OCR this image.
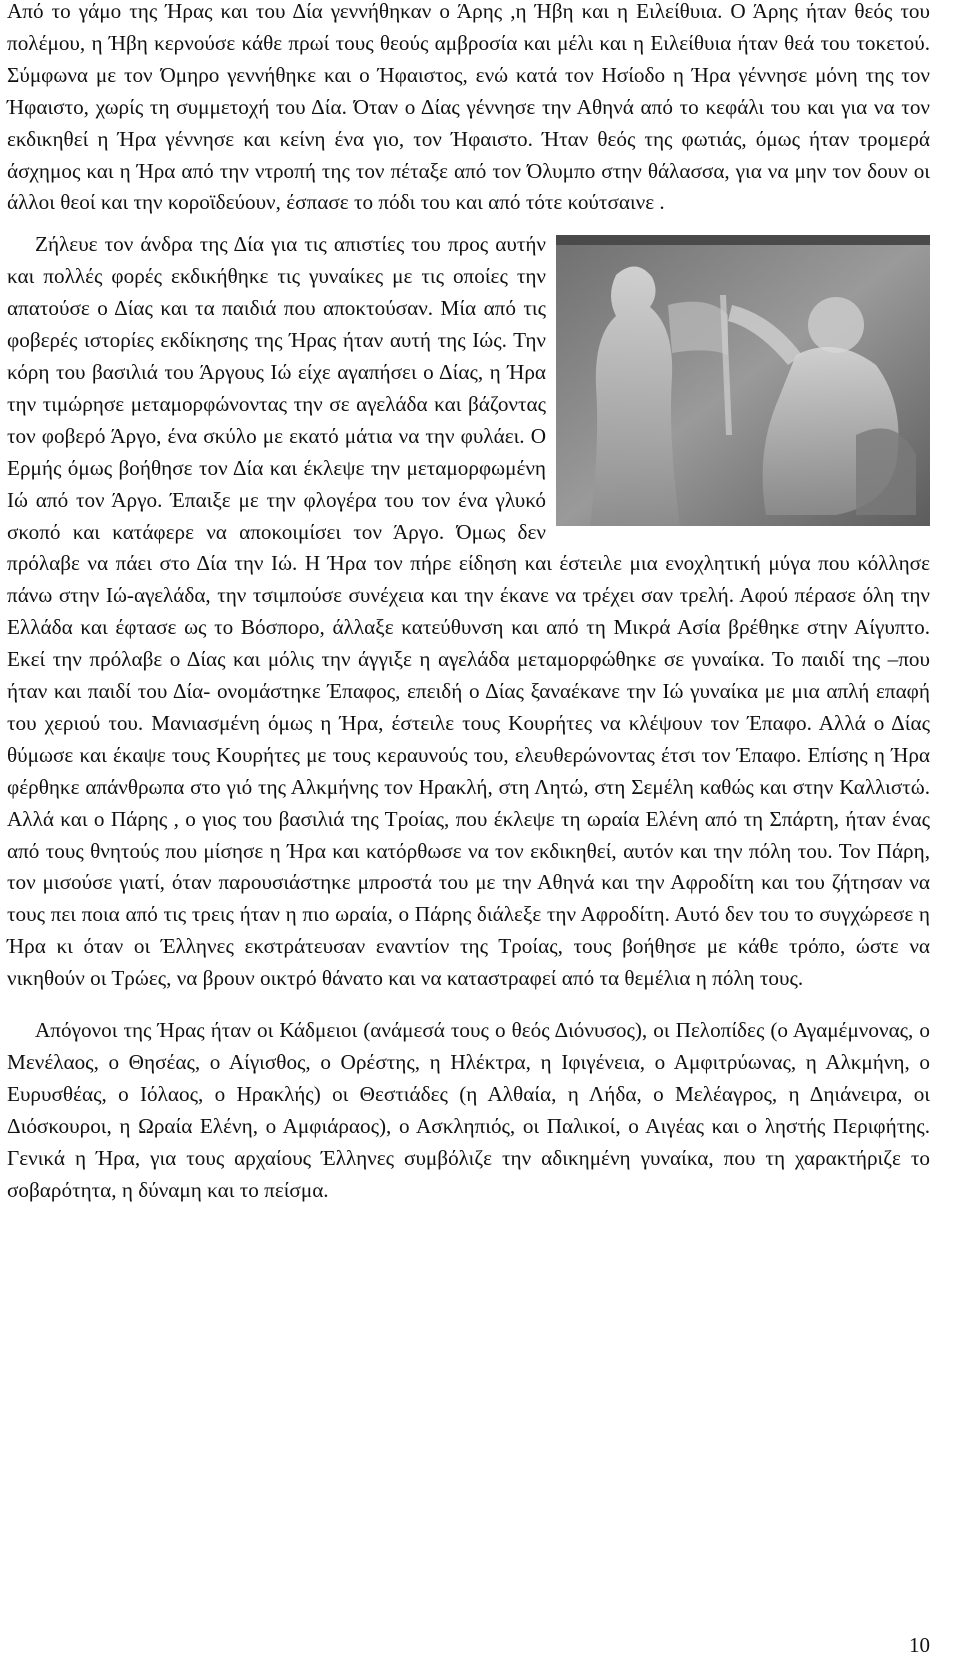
Από το γάμο της Ήρας και του Δία γεννήθηκαν ο Άρης ,η Ήβη και η Ειλείθυια. Ο Άρης ήταν θεός του πολέμου, η Ήβη κερνούσε κάθε πρωί τους θεούς αμβροσία και μέλι και η Ειλείθυια ήταν θεά του τοκετού. Σύμφωνα με τον Όμηρο γεννήθηκε και ο Ήφαιστος, ενώ κατά τον Ησίοδο η Ήρα γέννησε μόνη της τον Ήφαιστο, χωρίς τη συμμετοχή του Δία. Όταν ο Δίας γέννησε την Αθηνά από το κεφάλι του και για να τον εκδικηθεί η Ήρα γέννησε και κείνη ένα γιο, τον Ήφαιστο. Ήταν θεός της φωτιάς, όμως ήταν τρομερά άσχημος και η Ήρα από την ντροπή της τον πέταξε από τον Όλυμπο στην θάλασσα, για να μην τον δουν οι άλλοι θεοί και την κοροϊδεύουν, έσπασε το πόδι του και από τότε κούτσαινε .

Ζήλευε τον άνδρα της Δία για τις απιστίες του προς αυτήν και πολλές φορές εκδικήθηκε τις γυναίκες με τις οποίες την απατούσε ο Δίας και τα παιδιά που αποκτούσαν. Μία από τις φοβερές ιστορίες εκδίκησης της Ήρας ήταν αυτή της Ιώς. Την κόρη του βασιλιά του Άργους Ιώ είχε αγαπήσει ο Δίας, η Ήρα την τιμώρησε μεταμορφώνοντας την σε αγελάδα και βάζοντας τον φοβερό Άργο, ένα σκύλο με εκατό μάτια να την φυλάει. Ο Ερμής όμως βοήθησε τον Δία και έκλεψε την μεταμορφωμένη Ιώ από τον Άργο. Έπαιξε με την φλογέρα του τον ένα γλυκό σκοπό και κατάφερε να αποκοιμίσει τον Άργο. Όμως δεν πρόλαβε να πάει στο Δία την Ιώ. Η Ήρα τον πήρε είδηση και έστειλε μια ενοχλητική μύγα που κόλλησε πάνω στην Ιώ-αγελάδα, την τσιμπούσε συνέχεια και την έκανε να τρέχει σαν τρελή. Αφού πέρασε όλη την Ελλάδα και έφτασε ως το Βόσπορο, άλλαξε κατεύθυνση και από τη Μικρά Ασία βρέθηκε στην Αίγυπτο. Εκεί την πρόλαβε ο Δίας και μόλις την άγγιξε η αγελάδα μεταμορφώθηκε σε γυναίκα. Το παιδί της –που ήταν και παιδί του Δία- ονομάστηκε Έπαφος, επειδή ο Δίας ξαναέκανε την Ιώ γυναίκα με μια απλή επαφή του χεριού του. Μανιασμένη όμως η Ήρα, έστειλε τους Κουρήτες να κλέψουν τον Έπαφο. Αλλά ο Δίας θύμωσε και έκαψε τους Κουρήτες με τους κεραυνούς του, ελευθερώνοντας έτσι τον Έπαφο. Επίσης η Ήρα φέρθηκε απάνθρωπα στο γιό της Αλκμήνης τον Ηρακλή, στη Λητώ, στη Σεμέλη καθώς και στην Καλλιστώ. Αλλά και ο Πάρης , ο γιος του βασιλιά της Τροίας, που έκλεψε τη ωραία Ελένη από τη Σπάρτη, ήταν ένας από τους θνητούς που μίσησε η Ήρα και κατόρθωσε να τον εκδικηθεί, αυτόν και την πόλη του. Τον Πάρη, τον μισούσε γιατί, όταν παρουσιάστηκε μπροστά του με την Αθηνά και την Αφροδίτη και του ζήτησαν να τους πει ποια από τις τρεις ήταν η πιο ωραία, ο Πάρης διάλεξε την Αφροδίτη. Αυτό δεν του το συγχώρεσε η Ήρα κι όταν οι Έλληνες εκστράτευσαν εναντίον της Τροίας, τους βοήθησε με κάθε τρόπο, ώστε να νικηθούν οι Τρώες, να βρουν οικτρό θάνατο και να καταστραφεί από τα θεμέλια η πόλη τους.

Απόγονοι της Ήρας ήταν οι Κάδμειοι (ανάμεσά τους ο θεός Διόνυσος), οι Πελοπίδες (ο Αγαμέμνονας, ο Μενέλαος, ο Θησέας, ο Αίγισθος, ο Ορέστης, η Ηλέκτρα, η Ιφιγένεια, ο Αμφιτρύωνας, η Αλκμήνη, ο Ευρυσθέας, ο Ιόλαος, ο Ηρακλής) οι Θεστιάδες (η Αλθαία, η Λήδα, ο Μελέαγρος, η Δηιάνειρα, οι Διόσκουροι, η Ωραία Ελένη, ο Αμφιάραος), ο Ασκληπιός, οι Παλικοί, ο Αιγέας και ο ληστής Περιφήτης. Γενικά η Ήρα, για τους αρχαίους Έλληνες συμβόλιζε την αδικημένη γυναίκα, που τη χαρακτήριζε το σοβαρότητα, η δύναμη και το πείσμα.

10
